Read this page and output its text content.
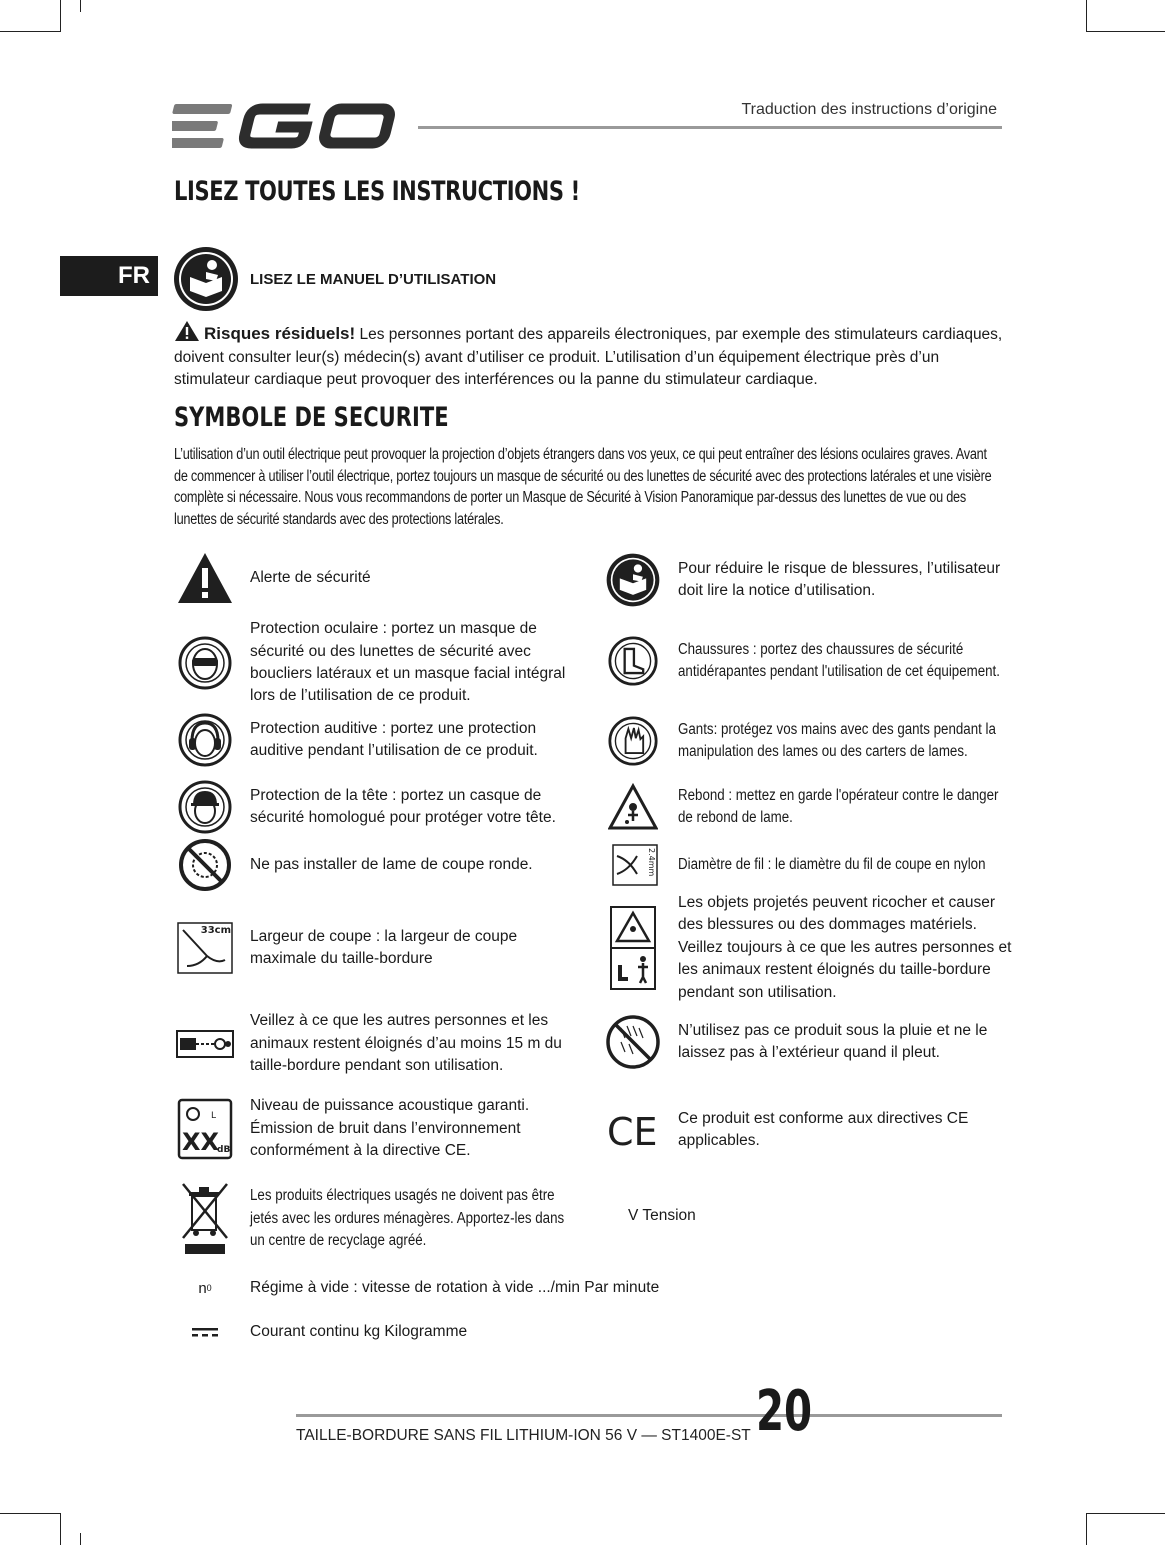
Traduction des instructions d’origine
LISEZ TOUTES LES INSTRUCTIONS !
FR	LISEZ LE MANUEL D’UTILISATION
Risques résiduels! Les personnes portant des appareils électroniques, par exemple des stimulateurs cardiaques, doivent consulter leur(s) médecin(s) avant d’utiliser ce produit. L’utilisation d’un équipement électrique près d’un stimulateur cardiaque peut provoquer des interférences ou la panne du stimulateur cardiaque.
SYMBOLE DE SECURITE
L’utilisation d’un outil électrique peut provoquer la projection d’objets étrangers dans vos yeux, ce qui peut entraîner des lésions oculaires graves. Avant de commencer à utiliser l’outil électrique, portez toujours un masque de sécurité ou des lunettes de sécurité avec des protections latérales et une visière complète si nécessaire. Nous vous recommandons de porter un Masque de Sécurité à Vision Panoramique par-dessus des lunettes de vue ou des lunettes de sécurité standards avec des protections latérales.
Alerte de sécurité
Protection oculaire : portez un masque de sécurité ou des lunettes de sécurité avec boucliers latéraux et un masque facial intégral lors de l’utilisation de ce produit.
Protection auditive : portez une protection auditive pendant l’utilisation de ce produit.
Protection de la tête : portez un casque de sécurité homologué pour protéger votre tête.
Ne pas installer de lame de coupe ronde.
33cm Largeur de coupe : la largeur de coupe maximale du taille-bordure
Veillez à ce que les autres personnes et les animaux restent éloignés d’au moins 15 m du taille-bordure pendant son utilisation.
L
XX
dB
Niveau de puissance acoustique garanti. Émission de bruit dans l’environnement conformément à la directive CE.
Les produits électriques usagés ne doivent pas être jetés avec les ordures ménagères. Apportez-les dans un centre de recyclage agréé.
Pour réduire le risque de blessures, l’utilisateur doit lire la notice d’utilisation.
Chaussures : portez des chaussures de sécurité antidérapantes pendant l'utilisation de cet équipement.
Gants: protégez vos mains avec des gants pendant la manipulation des lames ou des carters de lames.
Rebond : mettez en garde l'opérateur contre le danger de rebond de lame.
2.4mm Diamètre de fil : le diamètre du fil de coupe en nylon
Les objets projetés peuvent ricocher et causer des blessures ou des dommages matériels. Veillez toujours à ce que les autres personnes et les animaux restent éloignés du taille-bordure pendant son utilisation.
N’utilisez pas ce produit sous la pluie et ne le laissez pas à l’extérieur quand il pleut.
CE Ce produit est conforme aux directives CE applicables.
V Tension
n 0 Régime à vide : vitesse de rotation à vide .../min Par minute
Courant continu kg Kilogramme
TAILLE-BORDURE SANS FIL LITHIUM-ION 56 V — ST1400E-ST 20
